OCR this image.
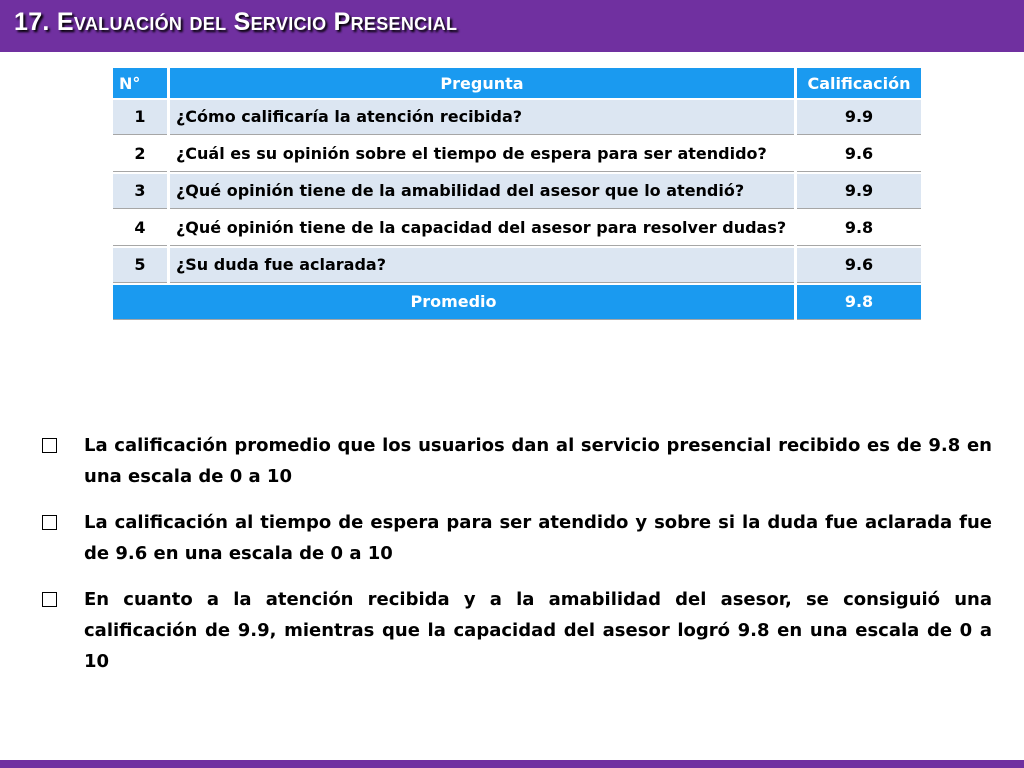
17. Evaluación del Servicio Presencial
N°	Pregunta	Calificación
1	¿Cómo calificaría la atención recibida?	9.9
2	¿Cuál es su opinión sobre el tiempo de espera para ser atendido?	9.6
3	¿Qué opinión tiene de la amabilidad del asesor que lo atendió?	9.9
4	¿Qué opinión tiene de la capacidad del asesor para resolver dudas?	9.8
5	¿Su duda fue aclarada?	9.6
Promedio		9.8
La calificación promedio que los usuarios dan al servicio presencial recibido es de 9.8 en una escala de 0 a 10
La calificación al tiempo de espera para ser atendido y sobre si la duda fue aclarada fue de 9.6 en una escala de 0 a 10
En cuanto a la atención recibida y a la amabilidad del asesor, se consiguió una calificación de 9.9, mientras que la capacidad del asesor logró 9.8 en una escala de 0 a 10
